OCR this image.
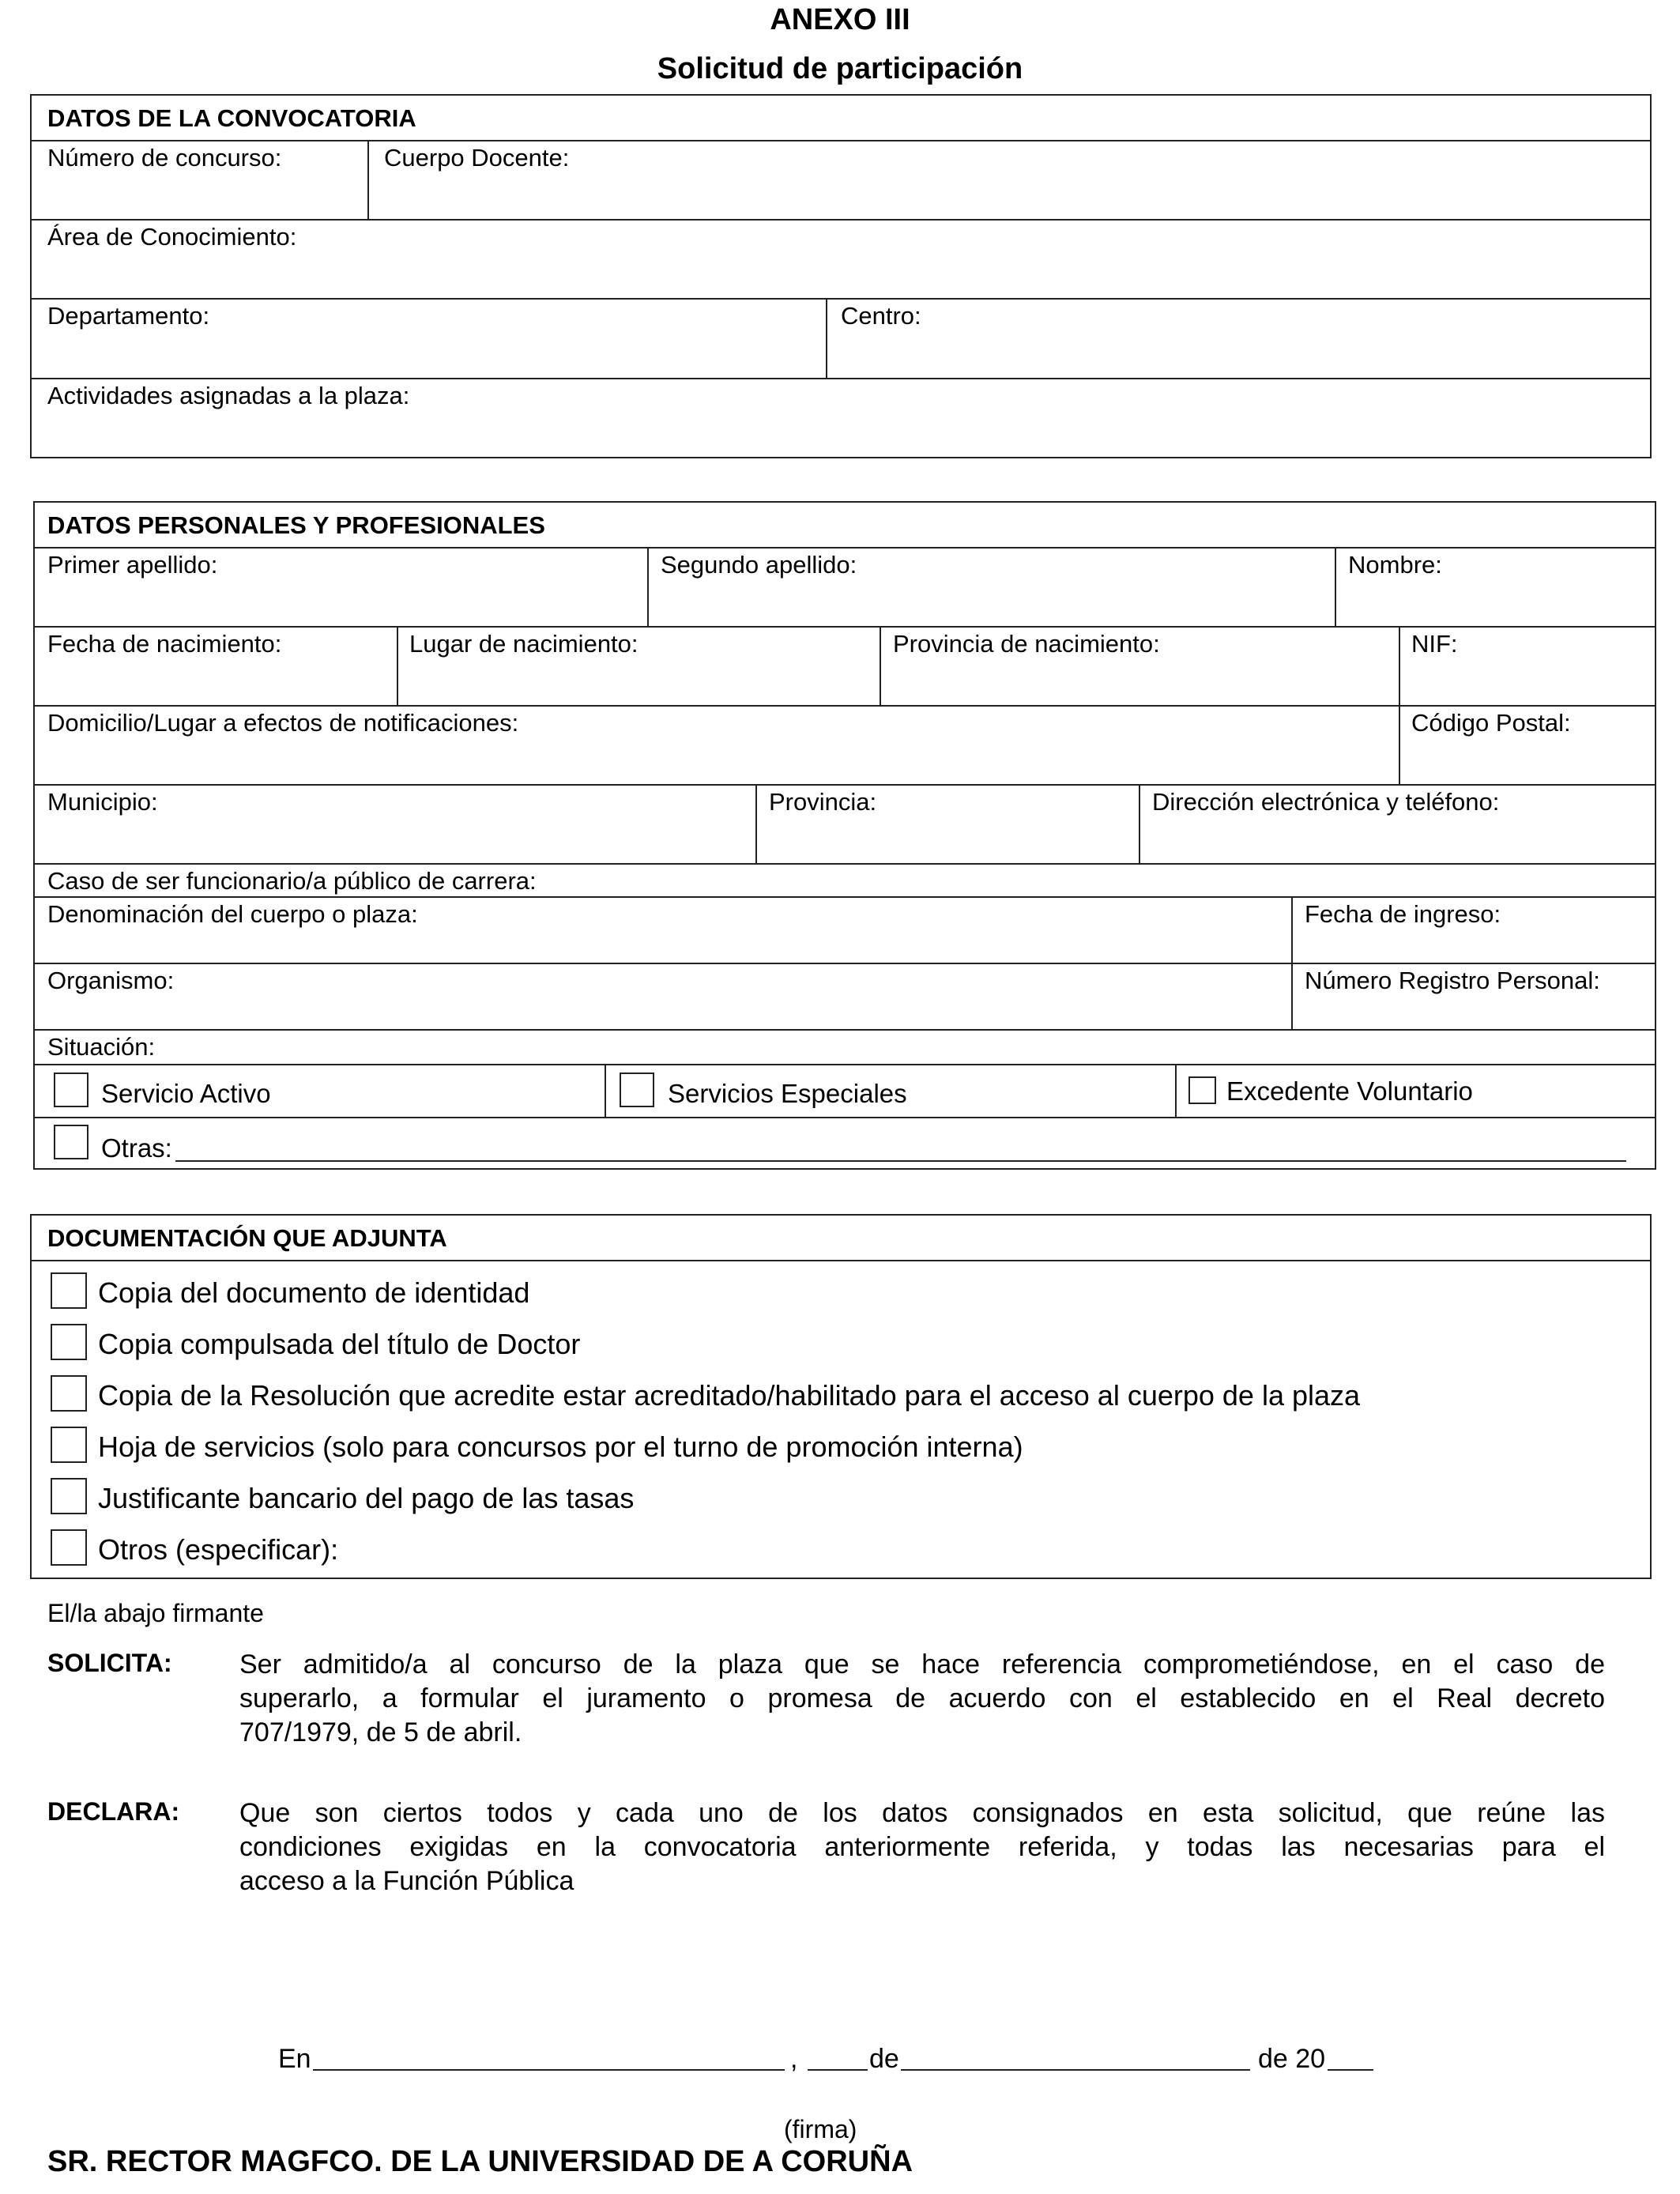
ANEXO III
Solicitud de participación
DATOS DE LA CONVOCATORIA
Número de concurso:	Cuerpo Docente:
Área de Conocimiento:
Departamento:	Centro:
Actividades asignadas a la plaza:
DATOS PERSONALES Y PROFESIONALES
Primer apellido:	Segundo apellido:	Nombre:
Fecha de nacimiento:	Lugar de nacimiento:	Provincia de nacimiento:	NIF:
Domicilio/Lugar a efectos de notificaciones:	Código Postal:
Municipio:	Provincia:	Dirección electrónica y teléfono:
Caso de ser funcionario/a público de carrera:
Denominación del cuerpo o plaza:	Fecha de ingreso:
Organismo:	Número Registro Personal:
Situación:
Servicio Activo	Servicios Especiales	Excedente Voluntario
Otras:
DOCUMENTACIÓN QUE ADJUNTA
Copia del documento de identidad
Copia compulsada del título de Doctor
Copia de la Resolución que acredite estar acreditado/habilitado para el acceso al cuerpo de la plaza
Hoja de servicios (solo para concursos por el turno de promoción interna)
Justificante bancario del pago de las tasas
Otros (especificar):
El/la abajo firmante
SOLICITA:	Ser admitido/a al concurso de la plaza que se hace referencia comprometiéndose, en el caso de
superarlo, a formular el juramento o promesa de acuerdo con el establecido en el Real decreto
707/1979, de 5 de abril.
DECLARA: Que son ciertos todos y cada uno de los datos consignados en esta solicitud, que reúne las
condiciones exigidas en la convocatoria anteriormente referida, y todas las necesarias para el
acceso a la Función Pública
En	,	de	de 20
(firma)
SR. RECTOR MAGFCO. DE LA UNIVERSIDAD DE A CORUÑA
